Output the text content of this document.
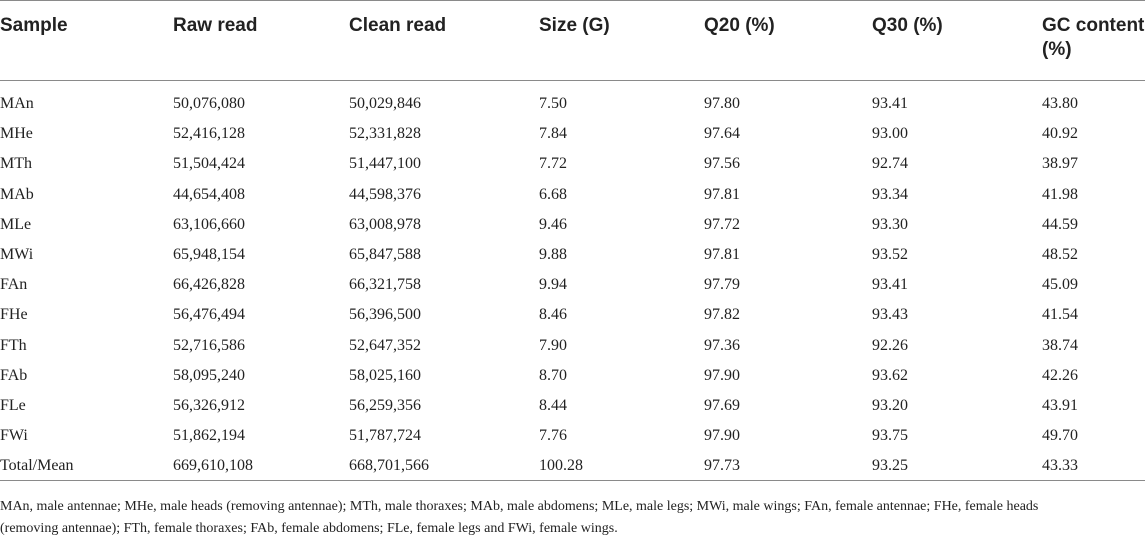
Sample	Raw read	Clean read	Size (G)	Q20 (%)	Q30 (%)	GC content
(%)
MAn	50,076,080	50,029,846	7.50	97.80	93.41	43.80
MHe	52,416,128	52,331,828	7.84	97.64	93.00	40.92
MTh	51,504,424	51,447,100	7.72	97.56	92.74	38.97
MAb	44,654,408	44,598,376	6.68	97.81	93.34	41.98
MLe	63,106,660	63,008,978	9.46	97.72	93.30	44.59
MWi	65,948,154	65,847,588	9.88	97.81	93.52	48.52
FAn	66,426,828	66,321,758	9.94	97.79	93.41	45.09
FHe	56,476,494	56,396,500	8.46	97.82	93.43	41.54
FTh	52,716,586	52,647,352	7.90	97.36	92.26	38.74
FAb	58,095,240	58,025,160	8.70	97.90	93.62	42.26
FLe	56,326,912	56,259,356	8.44	97.69	93.20	43.91
FWi	51,862,194	51,787,724	7.76	97.90	93.75	49.70
Total/Mean	669,610,108	668,701,566	100.28	97.73	93.25	43.33
MAn, male antennae; MHe, male heads (removing antennae); MTh, male thoraxes; MAb, male abdomens; MLe, male legs; MWi, male wings; FAn, female antennae; FHe, female heads
(removing antennae); FTh, female thoraxes; FAb, female abdomens; FLe, female legs and FWi, female wings.
